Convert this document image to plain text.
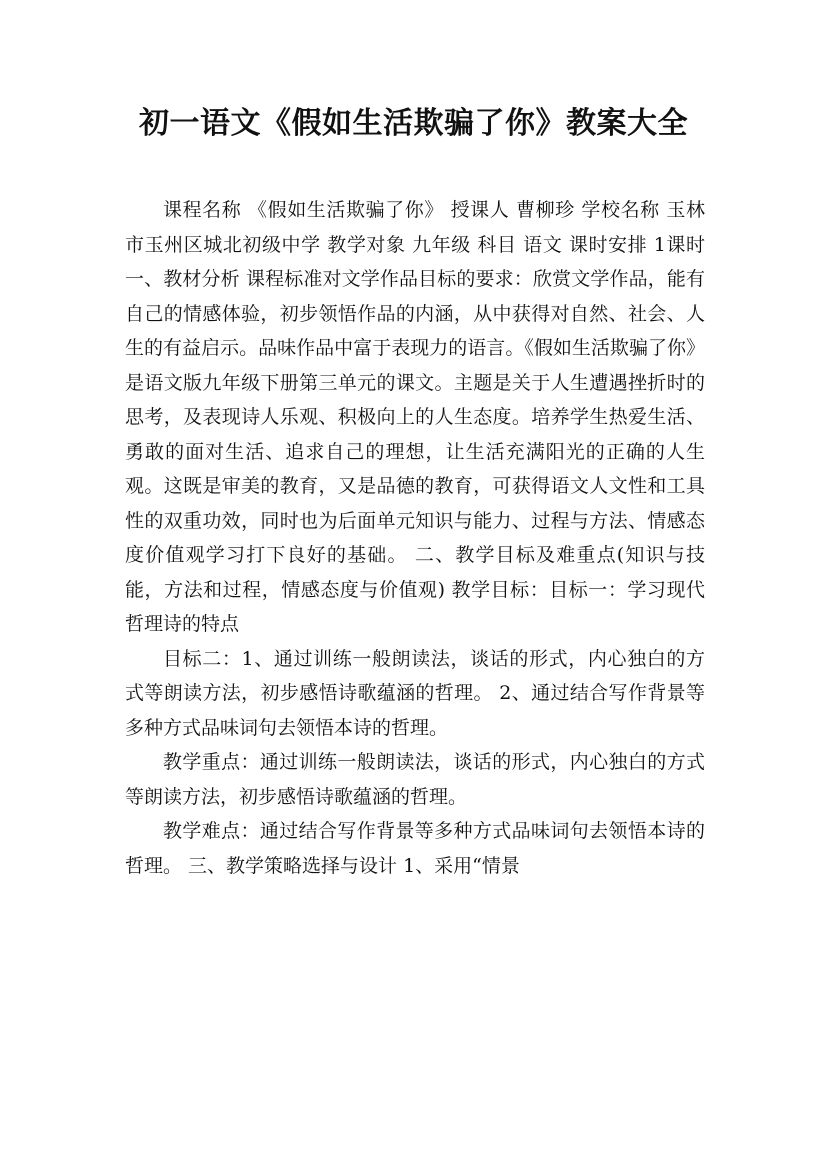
初一语文《假如生活欺骗了你》教案大全

课程名称 《假如生活欺骗了你》 授课人 曹柳珍 学校名称 玉林市玉州区城北初级中学 教学对象 九年级 科目 语文 课时安排 1课时 一、教材分析 课程标准对文学作品目标的要求：欣赏文学作品，能有自己的情感体验，初步领悟作品的内涵，从中获得对自然、社会、人生的有益启示。品味作品中富于表现力的语言。《假如生活欺骗了你》是语文版九年级下册第三单元的课文。主题是关于人生遭遇挫折时的思考，及表现诗人乐观、积极向上的人生态度。培养学生热爱生活、勇敢的面对生活、追求自己的理想，让生活充满阳光的正确的人生观。这既是审美的教育，又是品德的教育，可获得语文人文性和工具性的双重功效，同时也为后面单元知识与能力、过程与方法、情感态度价值观学习打下良好的基础。 二、教学目标及难重点(知识与技能，方法和过程，情感态度与价值观) 教学目标：目标一：学习现代哲理诗的特点

目标二：1、通过训练一般朗读法，谈话的形式，内心独白的方式等朗读方法，初步感悟诗歌蕴涵的哲理。 2、通过结合写作背景等多种方式品味词句去领悟本诗的哲理。

教学重点：通过训练一般朗读法，谈话的形式，内心独白的方式等朗读方法，初步感悟诗歌蕴涵的哲理。

教学难点：通过结合写作背景等多种方式品味词句去领悟本诗的哲理。 三、教学策略选择与设计 1、采用“情景
